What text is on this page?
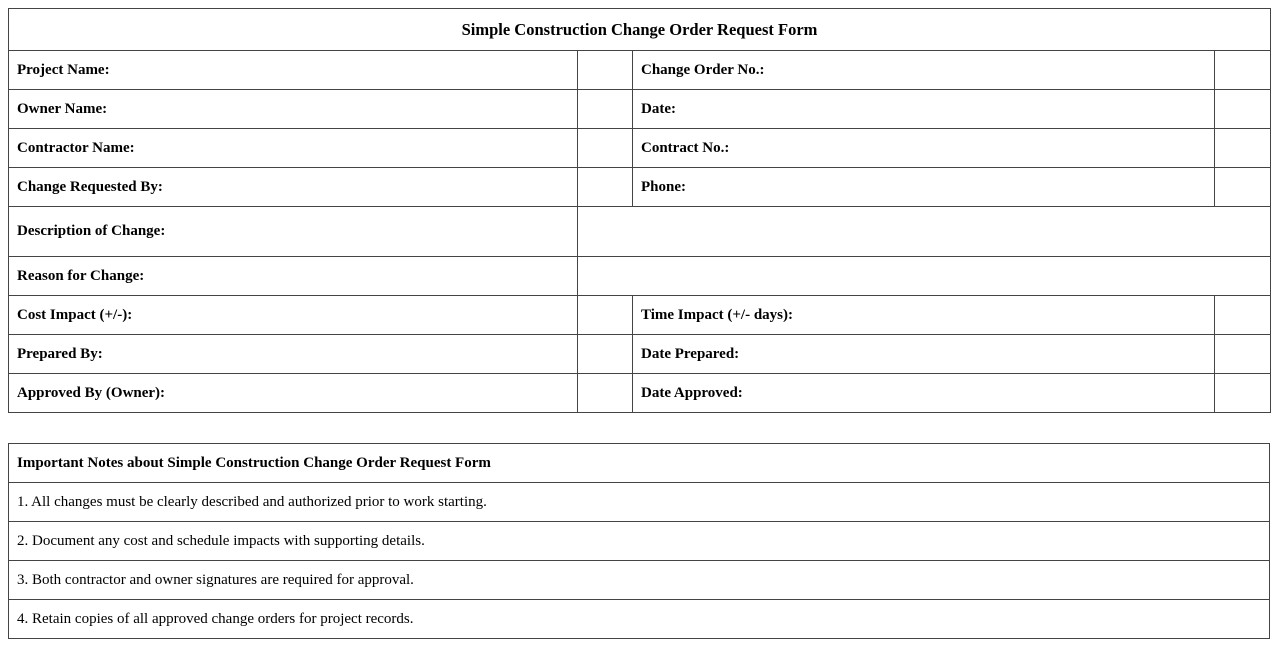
Simple Construction Change Order Request Form			
Project Name:		Change Order No.:	
Owner Name:		Date:	
Contractor Name:		Contract No.:	
Change Requested By:		Phone:	
Description of Change:			
Reason for Change:			
Cost Impact (+/-):		Time Impact (+/- days):	
Prepared By:		Date Prepared:	
Approved By (Owner):		Date Approved:	
Important Notes about Simple Construction Change Order Request Form
1. All changes must be clearly described and authorized prior to work starting.
2. Document any cost and schedule impacts with supporting details.
3. Both contractor and owner signatures are required for approval.
4. Retain copies of all approved change orders for project records.
